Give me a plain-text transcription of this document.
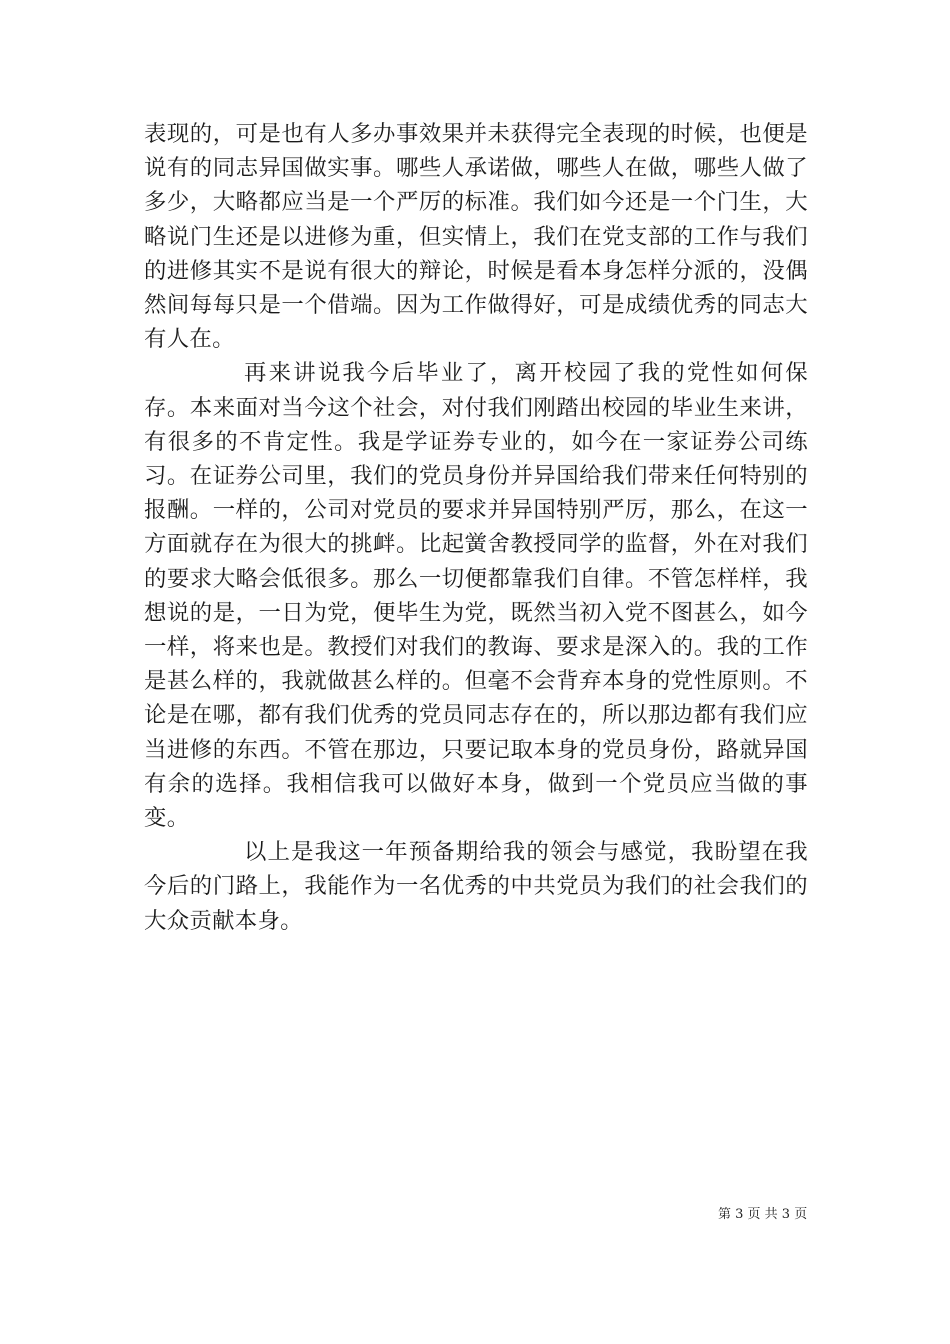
表现的，可是也有人多办事效果并未获得完全表现的时候，也便是说有的同志异国做实事。哪些人承诺做，哪些人在做，哪些人做了多少，大略都应当是一个严厉的标准。我们如今还是一个门生，大略说门生还是以进修为重，但实情上，我们在党支部的工作与我们的进修其实不是说有很大的辩论，时候是看本身怎样分派的，没偶然间每每只是一个借端。因为工作做得好，可是成绩优秀的同志大有人在。

再来讲说我今后毕业了，离开校园了我的党性如何保存。本来面对当今这个社会，对付我们刚踏出校园的毕业生来讲，有很多的不肯定性。我是学证券专业的，如今在一家证券公司练习。在证券公司里，我们的党员身份并异国给我们带来任何特别的报酬。一样的，公司对党员的要求并异国特别严厉，那么，在这一方面就存在为很大的挑衅。比起黉舍教授同学的监督，外在对我们的要求大略会低很多。那么一切便都靠我们自律。不管怎样样，我想说的是，一日为党，便毕生为党，既然当初入党不图甚么，如今一样，将来也是。教授们对我们的教诲、要求是深入的。我的工作是甚么样的，我就做甚么样的。但毫不会背弃本身的党性原则。不论是在哪，都有我们优秀的党员同志存在的，所以那边都有我们应当进修的东西。不管在那边，只要记取本身的党员身份，路就异国有余的选择。我相信我可以做好本身，做到一个党员应当做的事变。

以上是我这一年预备期给我的领会与感觉，我盼望在我今后的门路上，我能作为一名优秀的中共党员为我们的社会我们的大众贡献本身。

第 3 页 共 3 页
